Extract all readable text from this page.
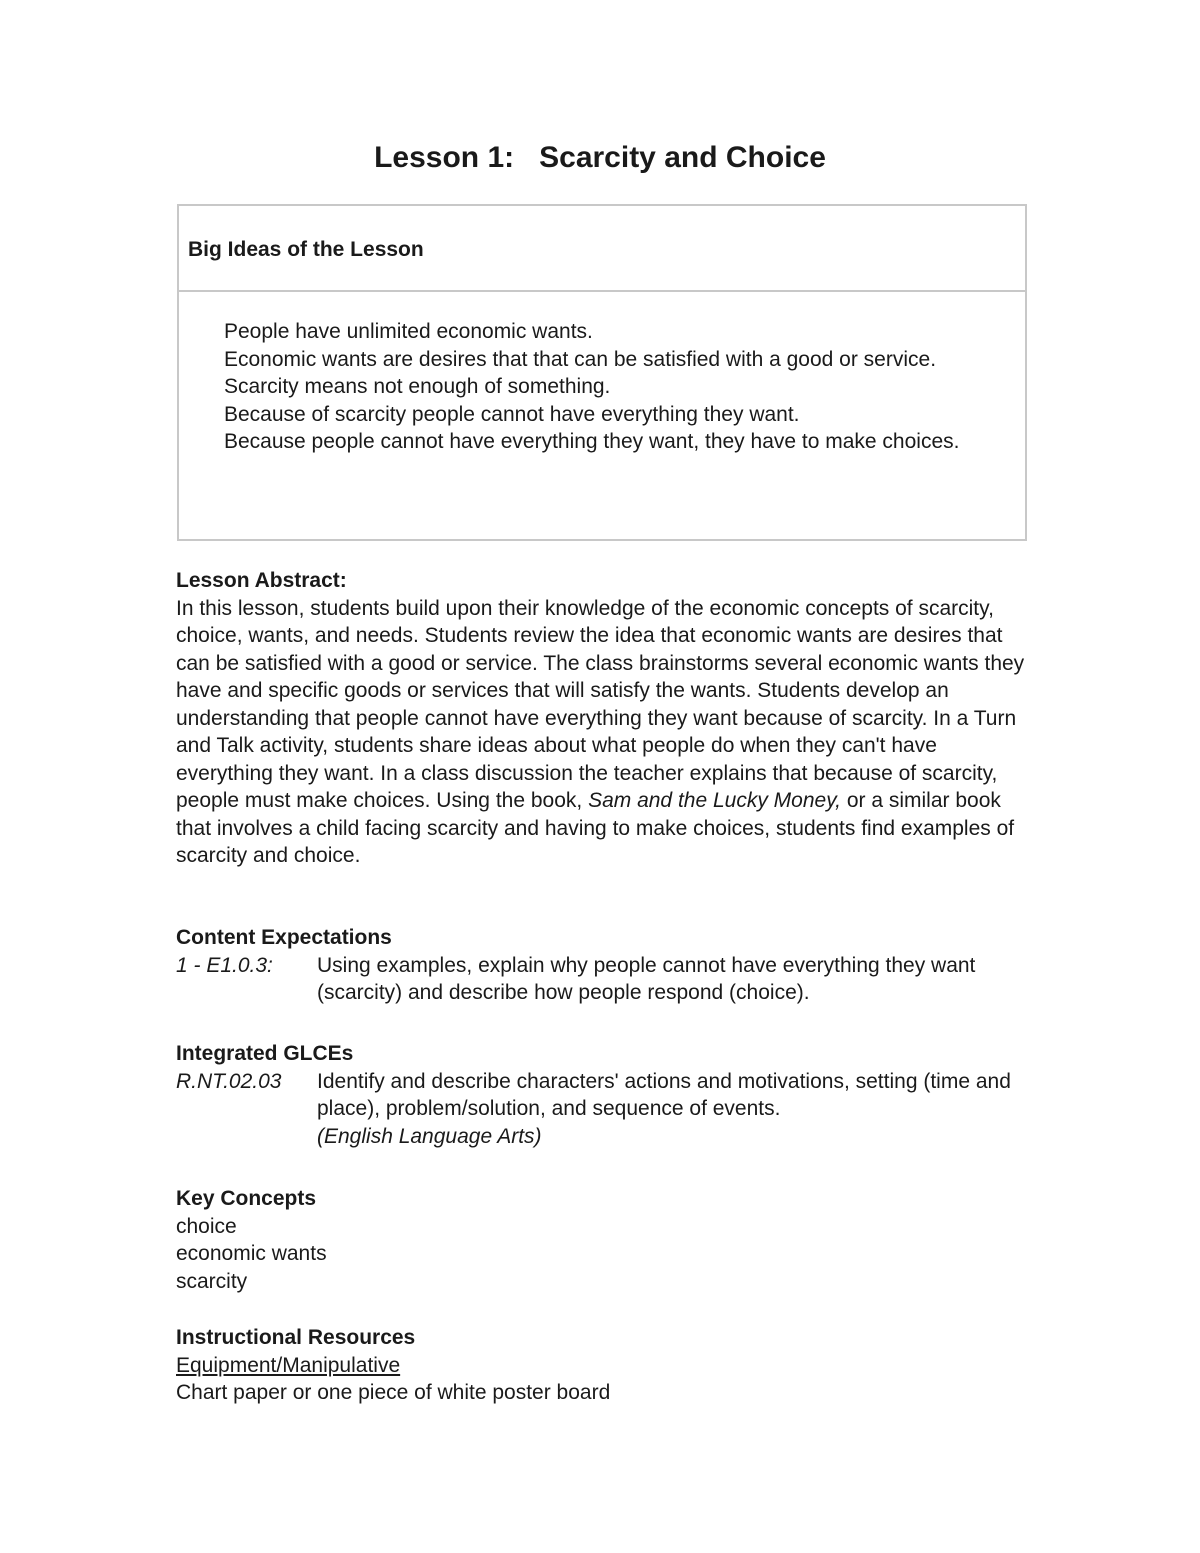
Lesson 1:   Scarcity and Choice
Big Ideas of the Lesson
People have unlimited economic wants.
Economic wants are desires that that can be satisfied with a good or service.
Scarcity means not enough of something.
Because of scarcity people cannot have everything they want.
Because people cannot have everything they want, they have to make choices.
Lesson Abstract:

In this lesson, students build upon their knowledge of the economic concepts of scarcity, choice, wants, and needs. Students review the idea that economic wants are desires that can be satisfied with a good or service. The class brainstorms several economic wants they have and specific goods or services that will satisfy the wants. Students develop an understanding that people cannot have everything they want because of scarcity. In a Turn and Talk activity, students share ideas about what people do when they can't have everything they want. In a class discussion the teacher explains that because of scarcity, people must make choices. Using the book, Sam and the Lucky Money, or a similar book that involves a child facing scarcity and having to make choices, students find examples of scarcity and choice.

Content Expectations
1 - E1.0.3:	Using examples, explain why people cannot have everything they want (scarcity) and describe how people respond (choice).
Integrated GLCEs
R.NT.02.03	Identify and describe characters' actions and motivations, setting (time and place), problem/solution, and sequence of events.
(English Language Arts)
Key Concepts
choice
economic wants
scarcity
Instructional Resources
Equipment/Manipulative
Chart paper or one piece of white poster board
